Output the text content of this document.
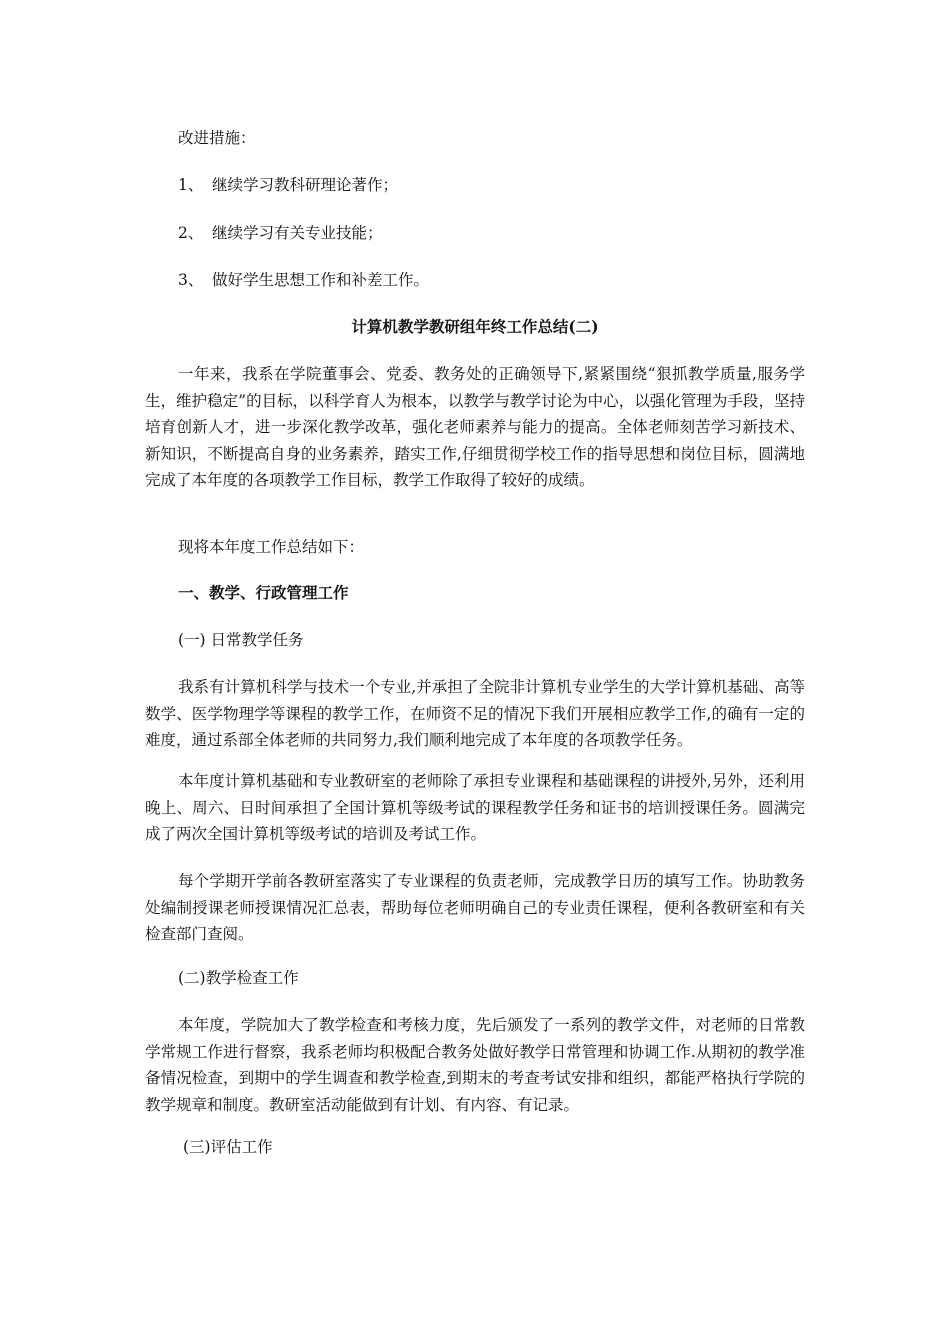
改进措施：
1、 继续学习教科研理论著作；
2、 继续学习有关专业技能；
3、 做好学生思想工作和补差工作。
计算机教学教研组年终工作总结(二)

一年来，我系在学院董事会、党委、教务处的正确领导下,紧紧围绕“狠抓教学质量,服务学生，维护稳定”的目标，以科学育人为根本，以教学与教学讨论为中心，以强化管理为手段，坚持培育创新人才，进一步深化教学改革，强化老师素养与能力的提高。全体老师刻苦学习新技术、新知识，不断提高自身的业务素养，踏实工作,仔细贯彻学校工作的指导思想和岗位目标，圆满地完成了本年度的各项教学工作目标，教学工作取得了较好的成绩。

现将本年度工作总结如下：
一、教学、行政管理工作
(一) 日常教学任务

我系有计算机科学与技术一个专业,并承担了全院非计算机专业学生的大学计算机基础、高等数学、医学物理学等课程的教学工作，在师资不足的情况下我们开展相应教学工作,的确有一定的难度，通过系部全体老师的共同努力,我们顺利地完成了本年度的各项教学任务。

本年度计算机基础和专业教研室的老师除了承担专业课程和基础课程的讲授外,另外，还利用晚上、周六、日时间承担了全国计算机等级考试的课程教学任务和证书的培训授课任务。圆满完成了两次全国计算机等级考试的培训及考试工作。

每个学期开学前各教研室落实了专业课程的负责老师，完成教学日历的填写工作。协助教务处编制授课老师授课情况汇总表，帮助每位老师明确自己的专业责任课程，便利各教研室和有关检查部门查阅。

(二)教学检查工作

本年度，学院加大了教学检查和考核力度，先后颁发了一系列的教学文件，对老师的日常教学常规工作进行督察，我系老师均积极配合教务处做好教学日常管理和协调工作.从期初的教学准备情况检查，到期中的学生调查和教学检查,到期末的考查考试安排和组织，都能严格执行学院的教学规章和制度。教研室活动能做到有计划、有内容、有记录。

(三)评估工作
